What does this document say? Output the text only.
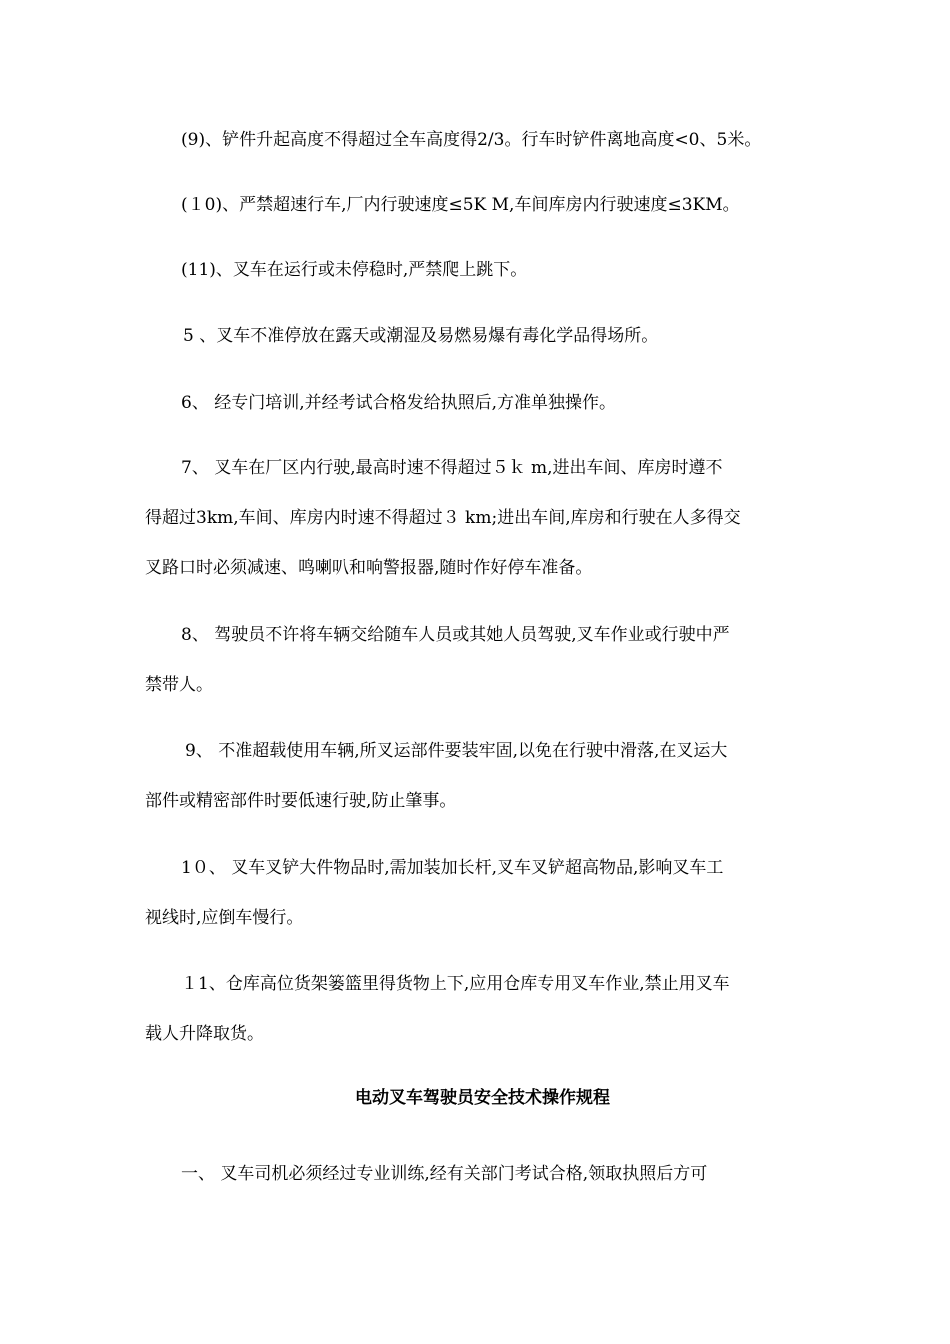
(9)、铲件升起高度不得超过全车高度得2/3。行车时铲件离地高度<0、5米。

(１0)、严禁超速行车,厂内行驶速度≤5K M,车间库房内行驶速度≤3KM。

(11)、叉车在运行或未停稳时,严禁爬上跳下。

5 、叉车不准停放在露天或潮湿及易燃易爆有毒化学品得场所。

6、 经专门培训,并经考试合格发给执照后,方准单独操作。

7、 叉车在厂区内行驶,最高时速不得超过５ｋ m,进出车间、库房时遵不

得超过3km,车间、库房内时速不得超过３ km;进出车间,库房和行驶在人多得交

叉路口时必须减速、鸣喇叭和响警报器,随时作好停车准备。

8、 驾驶员不许将车辆交给随车人员或其她人员驾驶,叉车作业或行驶中严

禁带人。

9、 不准超载使用车辆,所叉运部件要装牢固,以免在行驶中滑落,在叉运大

部件或精密部件时要低速行驶,防止肇事。

1０、 叉车叉铲大件物品时,需加装加长杆,叉车叉铲超高物品,影响叉车工

视线时,应倒车慢行。

１1、仓库高位货架篓篮里得货物上下,应用仓库专用叉车作业,禁止用叉车

载人升降取货。

电动叉车驾驶员安全技术操作规程

一、 叉车司机必须经过专业训练,经有关部门考试合格,领取执照后方可
